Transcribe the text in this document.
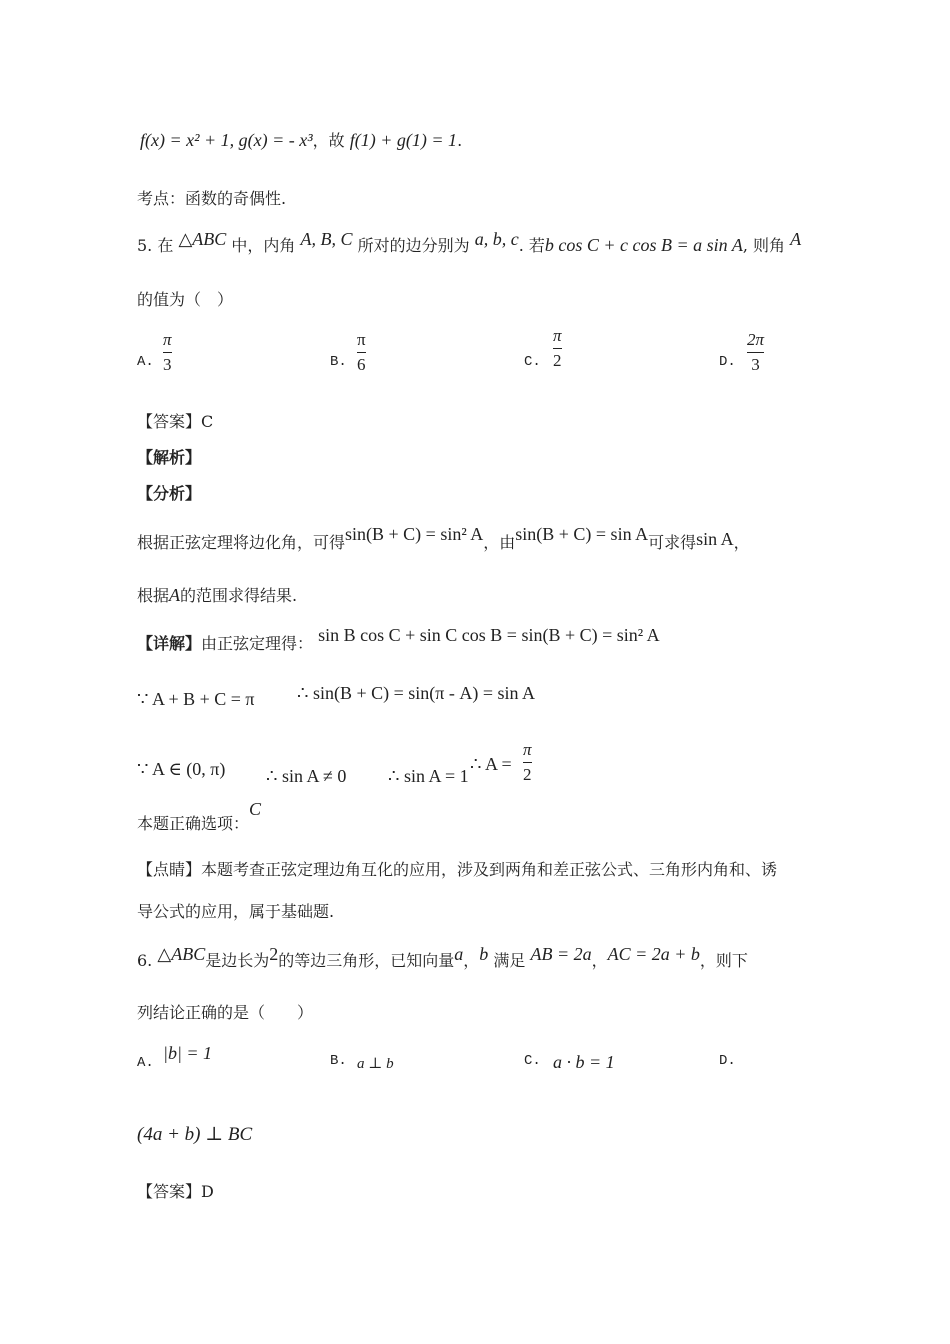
f(x) = x² + 1, g(x) = - x³，故 f(1) + g(1) = 1.
考点：函数的奇偶性.
5. 在 △ABC 中，内角 A, B, C 所对的边分别为 a, b, c. 若b cos C + c cos B = a sin A, 则角 A
的值为（　）
A.
π
3	B.
π
6	C.
π
2	D.
2π
3
【答案】C
【解析】
【分析】
根据正弦定理将边化角，可得sin(B + C) = sin² A，由sin(B + C) = sin A可求得sin A，
根据A的范围求得结果.
【详解】由正弦定理得： sin B cos C + sin C cos B = sin(B + C) = sin² A
∵ A + B + C = π ∴ sin(B + C) = sin(π - A) = sin A
∵ A ∈ (0, π) ∴ sin A ≠ 0 ∴ sin A = 1
∴ A =
π
2
本题正确选项：C
【点睛】本题考查正弦定理边角互化的应用，涉及到两角和差正弦公式、三角形内角和、诱
导公式的应用，属于基础题.
6. △ABC是边长为2的等边三角形，已知向量a，b 满足 AB = 2a，AC = 2a + b，则下
列结论正确的是（　　）
A. |b| = 1	B. a ⊥ b	C. a · b = 1	D.
(4a + b) ⊥ BC
【答案】D
